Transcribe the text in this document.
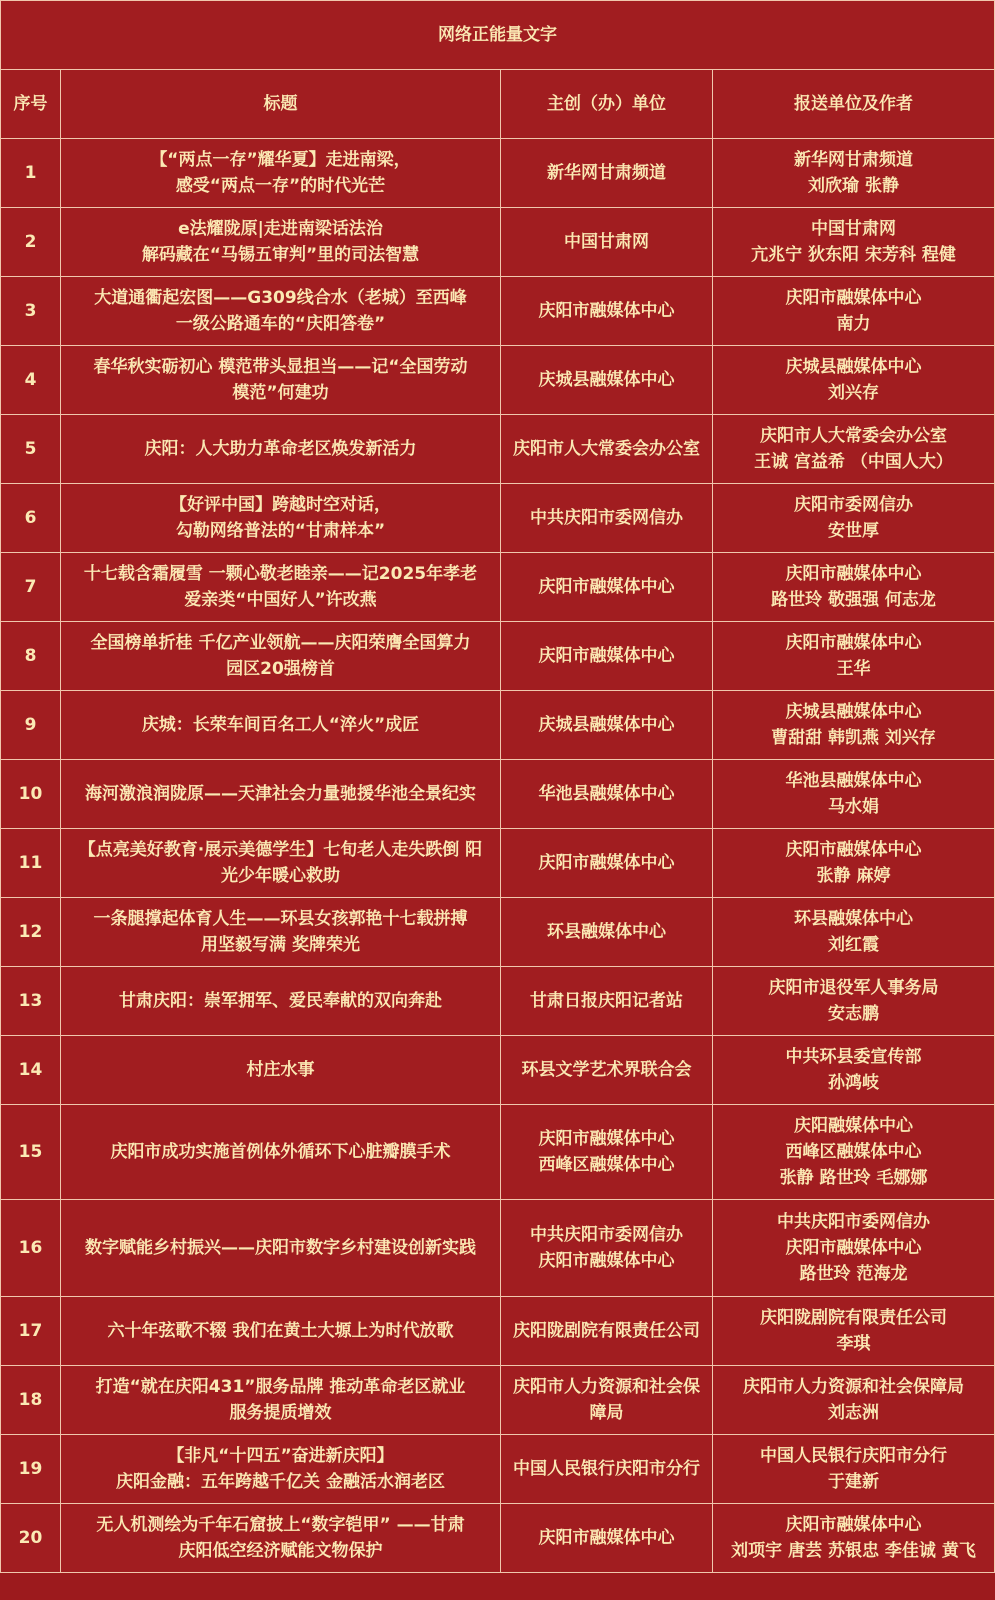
网络正能量文字			
序号	标题	主创（办）单位	报送单位及作者
1	【“两点一存”耀华夏】走进南梁，
感受“两点一存”的时代光芒	新华网甘肃频道	新华网甘肃频道
刘欣瑜 张静

2	e法耀陇原|走进南梁话法治
解码藏在“马锡五审判”里的司法智慧	中国甘肃网	中国甘肃网
亢兆宁 狄东阳 宋芳科 程健

3	大道通衢起宏图——G309线合水（老城）至西峰
一级公路通车的“庆阳答卷”	庆阳市融媒体中心	庆阳市融媒体中心
南力

4	春华秋实砺初心 模范带头显担当——记“全国劳动
模范”何建功	庆城县融媒体中心	庆城县融媒体中心
刘兴存

5	庆阳：人大助力革命老区焕发新活力	庆阳市人大常委会办公室	庆阳市人大常委会办公室
王诚 宫益希 （中国人大）

6	【好评中国】跨越时空对话，
勾勒网络普法的“甘肃样本”	中共庆阳市委网信办	庆阳市委网信办
安世厚

7	十七载含霜履雪 一颗心敬老睦亲——记2025年孝老
爱亲类“中国好人”许改燕	庆阳市融媒体中心	庆阳市融媒体中心
路世玲 敬强强 何志龙

8	全国榜单折桂 千亿产业领航——庆阳荣膺全国算力
园区20强榜首	庆阳市融媒体中心	庆阳市融媒体中心
王华

9	庆城：长荣车间百名工人“淬火”成匠	庆城县融媒体中心	庆城县融媒体中心
曹甜甜 韩凯燕 刘兴存

10	海河激浪润陇原——天津社会力量驰援华池全景纪实	华池县融媒体中心	华池县融媒体中心
马水娟

11	【点亮美好教育·展示美德学生】七旬老人走失跌倒 阳
光少年暖心救助	庆阳市融媒体中心	庆阳市融媒体中心
张静 麻婷

12	一条腿撑起体育人生——环县女孩郭艳十七载拼搏
用坚毅写满 奖牌荣光	环县融媒体中心	环县融媒体中心
刘红霞

13	甘肃庆阳：崇军拥军、爱民奉献的双向奔赴	甘肃日报庆阳记者站	庆阳市退役军人事务局
安志鹏

14	村庄水事	环县文学艺术界联合会	中共环县委宣传部
孙鸿岐

15	庆阳市成功实施首例体外循环下心脏瓣膜手术	庆阳市融媒体中心
西峰区融媒体中心	庆阳融媒体中心
西峰区融媒体中心
张静 路世玲 毛娜娜

16	数字赋能乡村振兴——庆阳市数字乡村建设创新实践	中共庆阳市委网信办
庆阳市融媒体中心	中共庆阳市委网信办
庆阳市融媒体中心
路世玲 范海龙

17	六十年弦歌不辍 我们在黄土大塬上为时代放歌	庆阳陇剧院有限责任公司	庆阳陇剧院有限责任公司
李琪

18	打造“就在庆阳431”服务品牌 推动革命老区就业
服务提质增效	庆阳市人力资源和社会保
障局	庆阳市人力资源和社会保障局
刘志洲

19	【非凡“十四五”奋进新庆阳】
庆阳金融：五年跨越千亿关 金融活水润老区	中国人民银行庆阳市分行	中国人民银行庆阳市分行
于建新

20	无人机测绘为千年石窟披上“数字铠甲” ——甘肃
庆阳低空经济赋能文物保护	庆阳市融媒体中心	庆阳市融媒体中心
刘项宇 唐芸 苏银忠 李佳诚 黄飞
